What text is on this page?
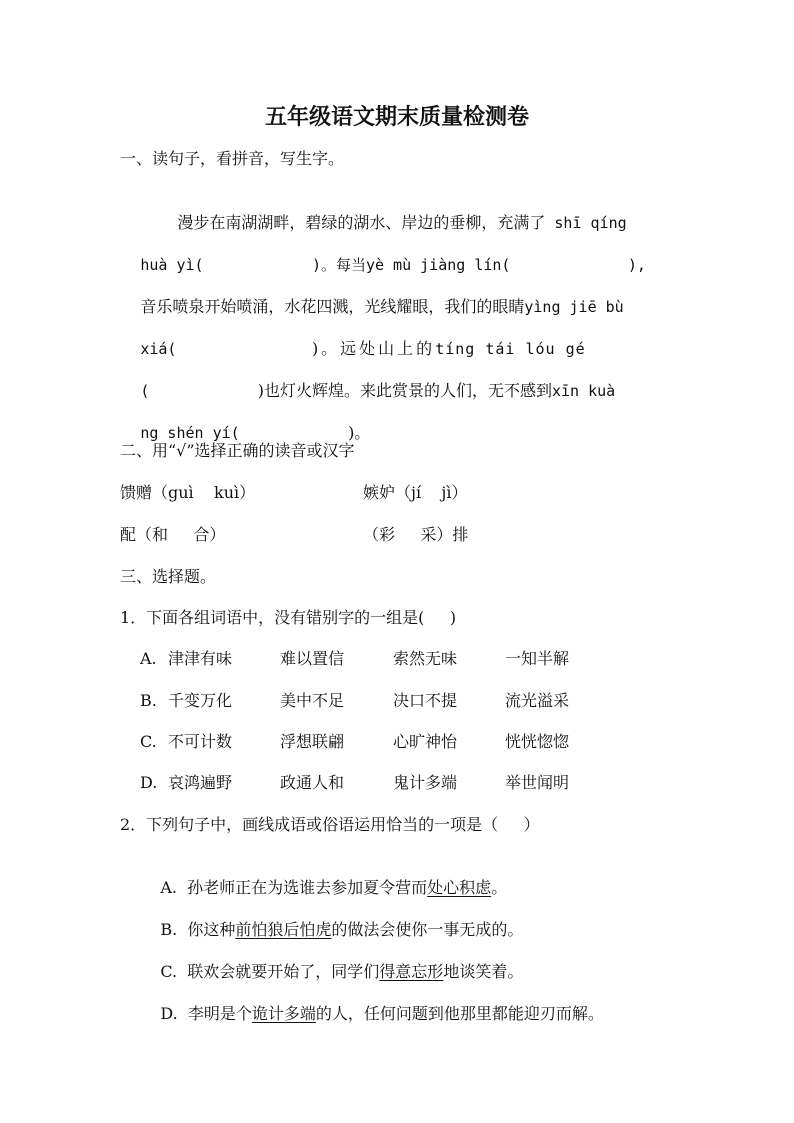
五年级语文期末质量检测卷
一、读句子，看拼音，写生字。

漫步在南湖湖畔，碧绿的湖水、岸边的垂柳，充满了 shī qíng

huà yì(	)。每当yè mù jiàng lín(	),

音乐喷泉开始喷涌，水花四溅，光线耀眼，我们的眼睛yìng jiē bù

xiá(	)。远处山上的tíng tái lóu gé

(	)也灯火辉煌。来此赏景的人们，无不感到xīn kuà

ng shén yí(	)。

二、用“√”选择正确的读音或汉字
馈赠（guì    kuì）	嫉妒（jí    jì）
配（和     合）	（彩     采）排
三、选择题。
1．下面各组词语中，没有错别字的一组是(     )
A. 津津有味	难以置信	索然无味	一知半解
B. 千变万化	美中不足	决口不提	流光溢采
C. 不可计数	浮想联翩	心旷神怡	恍恍惚惚
D. 哀鸿遍野	政通人和	鬼计多端	举世闻明
2．下列句子中，画线成语或俗语运用恰当的一项是（     ）

A. 孙老师正在为选谁去参加夏令营而处心积虑。

B. 你这种前怕狼后怕虎的做法会使你一事无成的。

C. 联欢会就要开始了，同学们得意忘形地谈笑着。

D. 李明是个诡计多端的人，任何问题到他那里都能迎刃而解。
